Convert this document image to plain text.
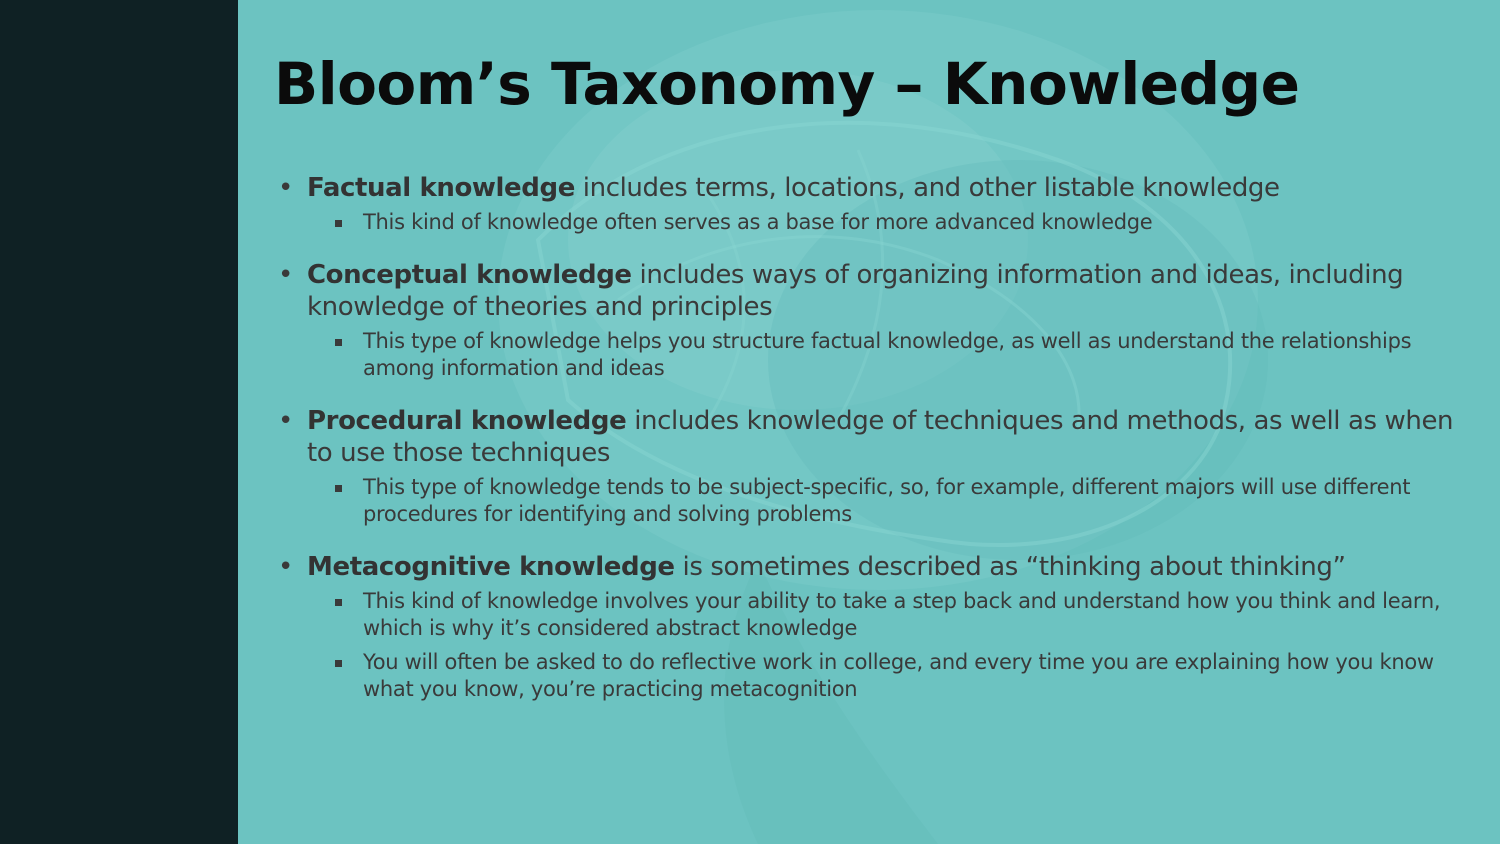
Bloom’s Taxonomy – Knowledge
• Factual knowledge includes terms, locations, and other listable knowledge
This kind of knowledge often serves as a base for more advanced knowledge
• Conceptual knowledge includes ways of organizing information and ideas, including knowledge of theories and principles
This type of knowledge helps you structure factual knowledge, as well as understand the relationships among information and ideas
• Procedural knowledge includes knowledge of techniques and methods, as well as when to use those techniques
This type of knowledge tends to be subject-specific, so, for example, different majors will use different procedures for identifying and solving problems
• Metacognitive knowledge is sometimes described as “thinking about thinking”
This kind of knowledge involves your ability to take a step back and understand how you think and learn, which is why it’s considered abstract knowledge
You will often be asked to do reflective work in college, and every time you are explaining how you know what you know, you’re practicing metacognition
